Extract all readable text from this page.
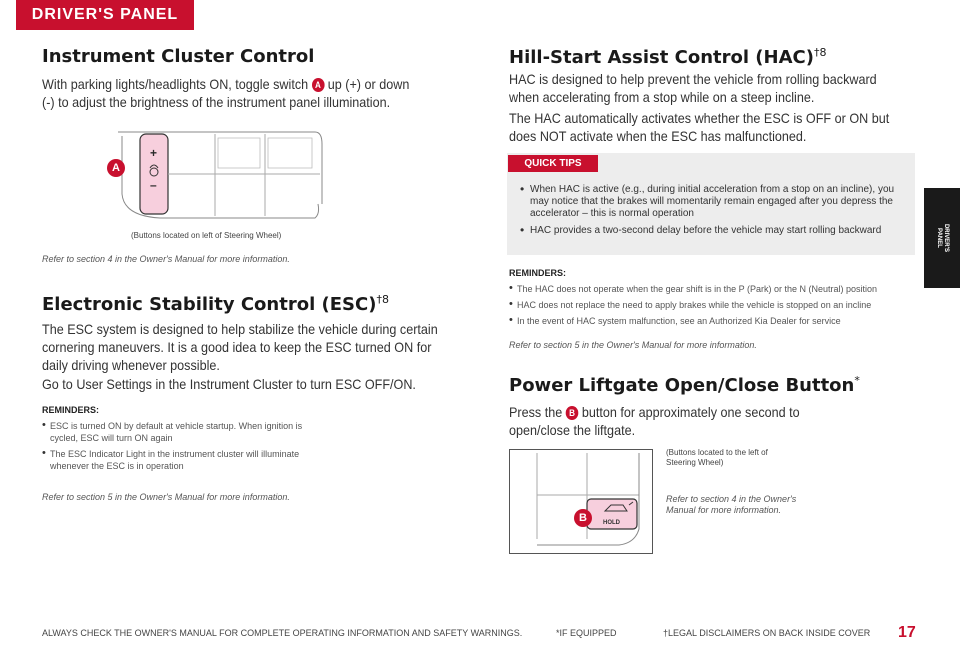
DRIVER'S PANEL
DRIVER'S PANEL
Instrument Cluster Control

With parking lights/headlights ON, toggle switch A up (+) or down (-) to adjust the brightness of the instrument panel illumination.

+
–
A
(Buttons located on left of Steering Wheel)
Refer to section 4 in the Owner's Manual for more information.
Electronic Stability Control (ESC)$^{\dagger 8}$

The ESC system is designed to help stabilize the vehicle during certain cornering maneuvers. It is a good idea to keep the ESC turned ON for daily driving whenever possible.

Go to User Settings in the Instrument Cluster to turn ESC OFF/ON.

REMINDERS:
• ESC is turned ON by default at vehicle startup. When ignition is cycled, ESC will turn ON again
• The ESC Indicator Light in the instrument cluster will illuminate whenever the ESC is in operation
Refer to section 5 in the Owner's Manual for more information.
Hill-Start Assist Control (HAC)$^{\dagger 8}$

HAC is designed to help prevent the vehicle from rolling backward when accelerating from a stop while on a steep incline.

The HAC automatically activates whether the ESC is OFF or ON but does NOT activate when the ESC has malfunctioned.

QUICK TIPS
• When HAC is active (e.g., during initial acceleration from a stop on an incline), you may notice that the brakes will momentarily remain engaged after you depress the accelerator – this is normal operation
• HAC provides a two-second delay before the vehicle may start rolling backward
REMINDERS:
• The HAC does not operate when the gear shift is in the P (Park) or the N (Neutral) position
• HAC does not replace the need to apply brakes while the vehicle is stopped on an incline
• In the event of HAC system malfunction, see an Authorized Kia Dealer for service
Refer to section 5 in the Owner's Manual for more information.
Power Liftgate Open/Close Button*

Press the B button for approximately one second to open/close the liftgate.

HOLD
B
(Buttons located to the left of Steering Wheel)
Refer to section 4 in the Owner's Manual for more information.
ALWAYS CHECK THE OWNER'S MANUAL FOR COMPLETE OPERATING INFORMATION AND SAFETY WARNINGS.	*IF EQUIPPED	†LEGAL DISCLAIMERS ON BACK INSIDE COVER 17
